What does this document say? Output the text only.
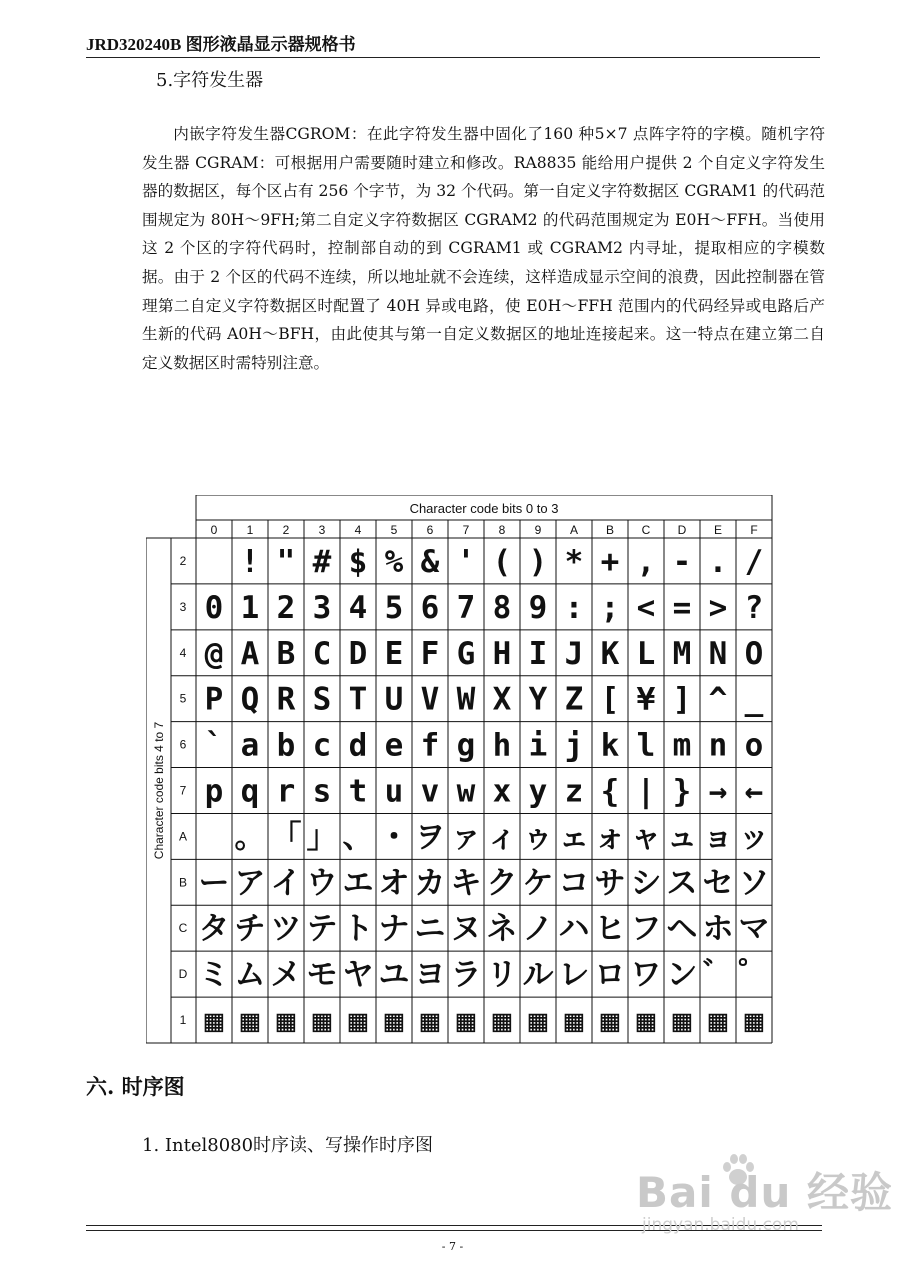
JRD320240B 图形液晶显示器规格书
5.字符发生器
内嵌字符发生器CGROM：在此字符发生器中固化了160 种5×7 点阵字符的字模。随机字符发生器 CGRAM：可根据用户需要随时建立和修改。RA8835 能给用户提供 2 个自定义字符发生器的数据区，每个区占有 256 个字节，为 32 个代码。第一自定义字符数据区 CGRAM1 的代码范围规定为 80H～9FH;第二自定义字符数据区 CGRAM2 的代码范围规定为 E0H～FFH。当使用这 2 个区的字符代码时，控制部自动的到 CGRAM1 或 CGRAM2 内寻址，提取相应的字模数据。由于 2 个区的代码不连续，所以地址就不会连续，这样造成显示空间的浪费，因此控制器在管理第二自定义字符数据区时配置了 40H 异或电路，使 E0H～FFH 范围内的代码经异或电路后产生新的代码 A0H～BFH，由此使其与第一自定义数据区的地址连接起来。这一特点在建立第二自定义数据区时需特别注意。
Character code bits 0 to 3
Character code bits 4 to 7
0 1 2 3 4 5 6 7 8 9 A B C D E F
2
3
4
5
6
7
A
B
C
D
1
! " # $ % & ' ( ) * + , - . /
0 1 2 3 4 5 6 7 8 9 : ; < = > ?
@ A B C D E F G H I J K L M N O
P Q R S T U V W X Y Z [ ¥ ] ^ _
` a b c d e f g h i j k l m n o
p q r s t u v w x y z { | } → ←
。 「 」 、 ・ ヲ ァ ィ ゥ ェ ォ ャ ュ ョ ッ
ー ア イ ウ エ オ カ キ ク ケ コ サ シ ス セ ソ
タ チ ツ テ ト ナ ニ ヌ ネ ノ ハ ヒ フ ヘ ホ マ
ミ ム メ モ ヤ ユ ヨ ラ リ ル レ ロ ワ ン ゛ ゜
▦ ▦ ▦ ▦ ▦ ▦ ▦ ▦ ▦ ▦ ▦ ▦ ▦ ▦ ▦ ▦
六. 时序图
1. Intel8080时序读、写操作时序图
- 7 -
Bai du 经验
jingyan.baidu.com
